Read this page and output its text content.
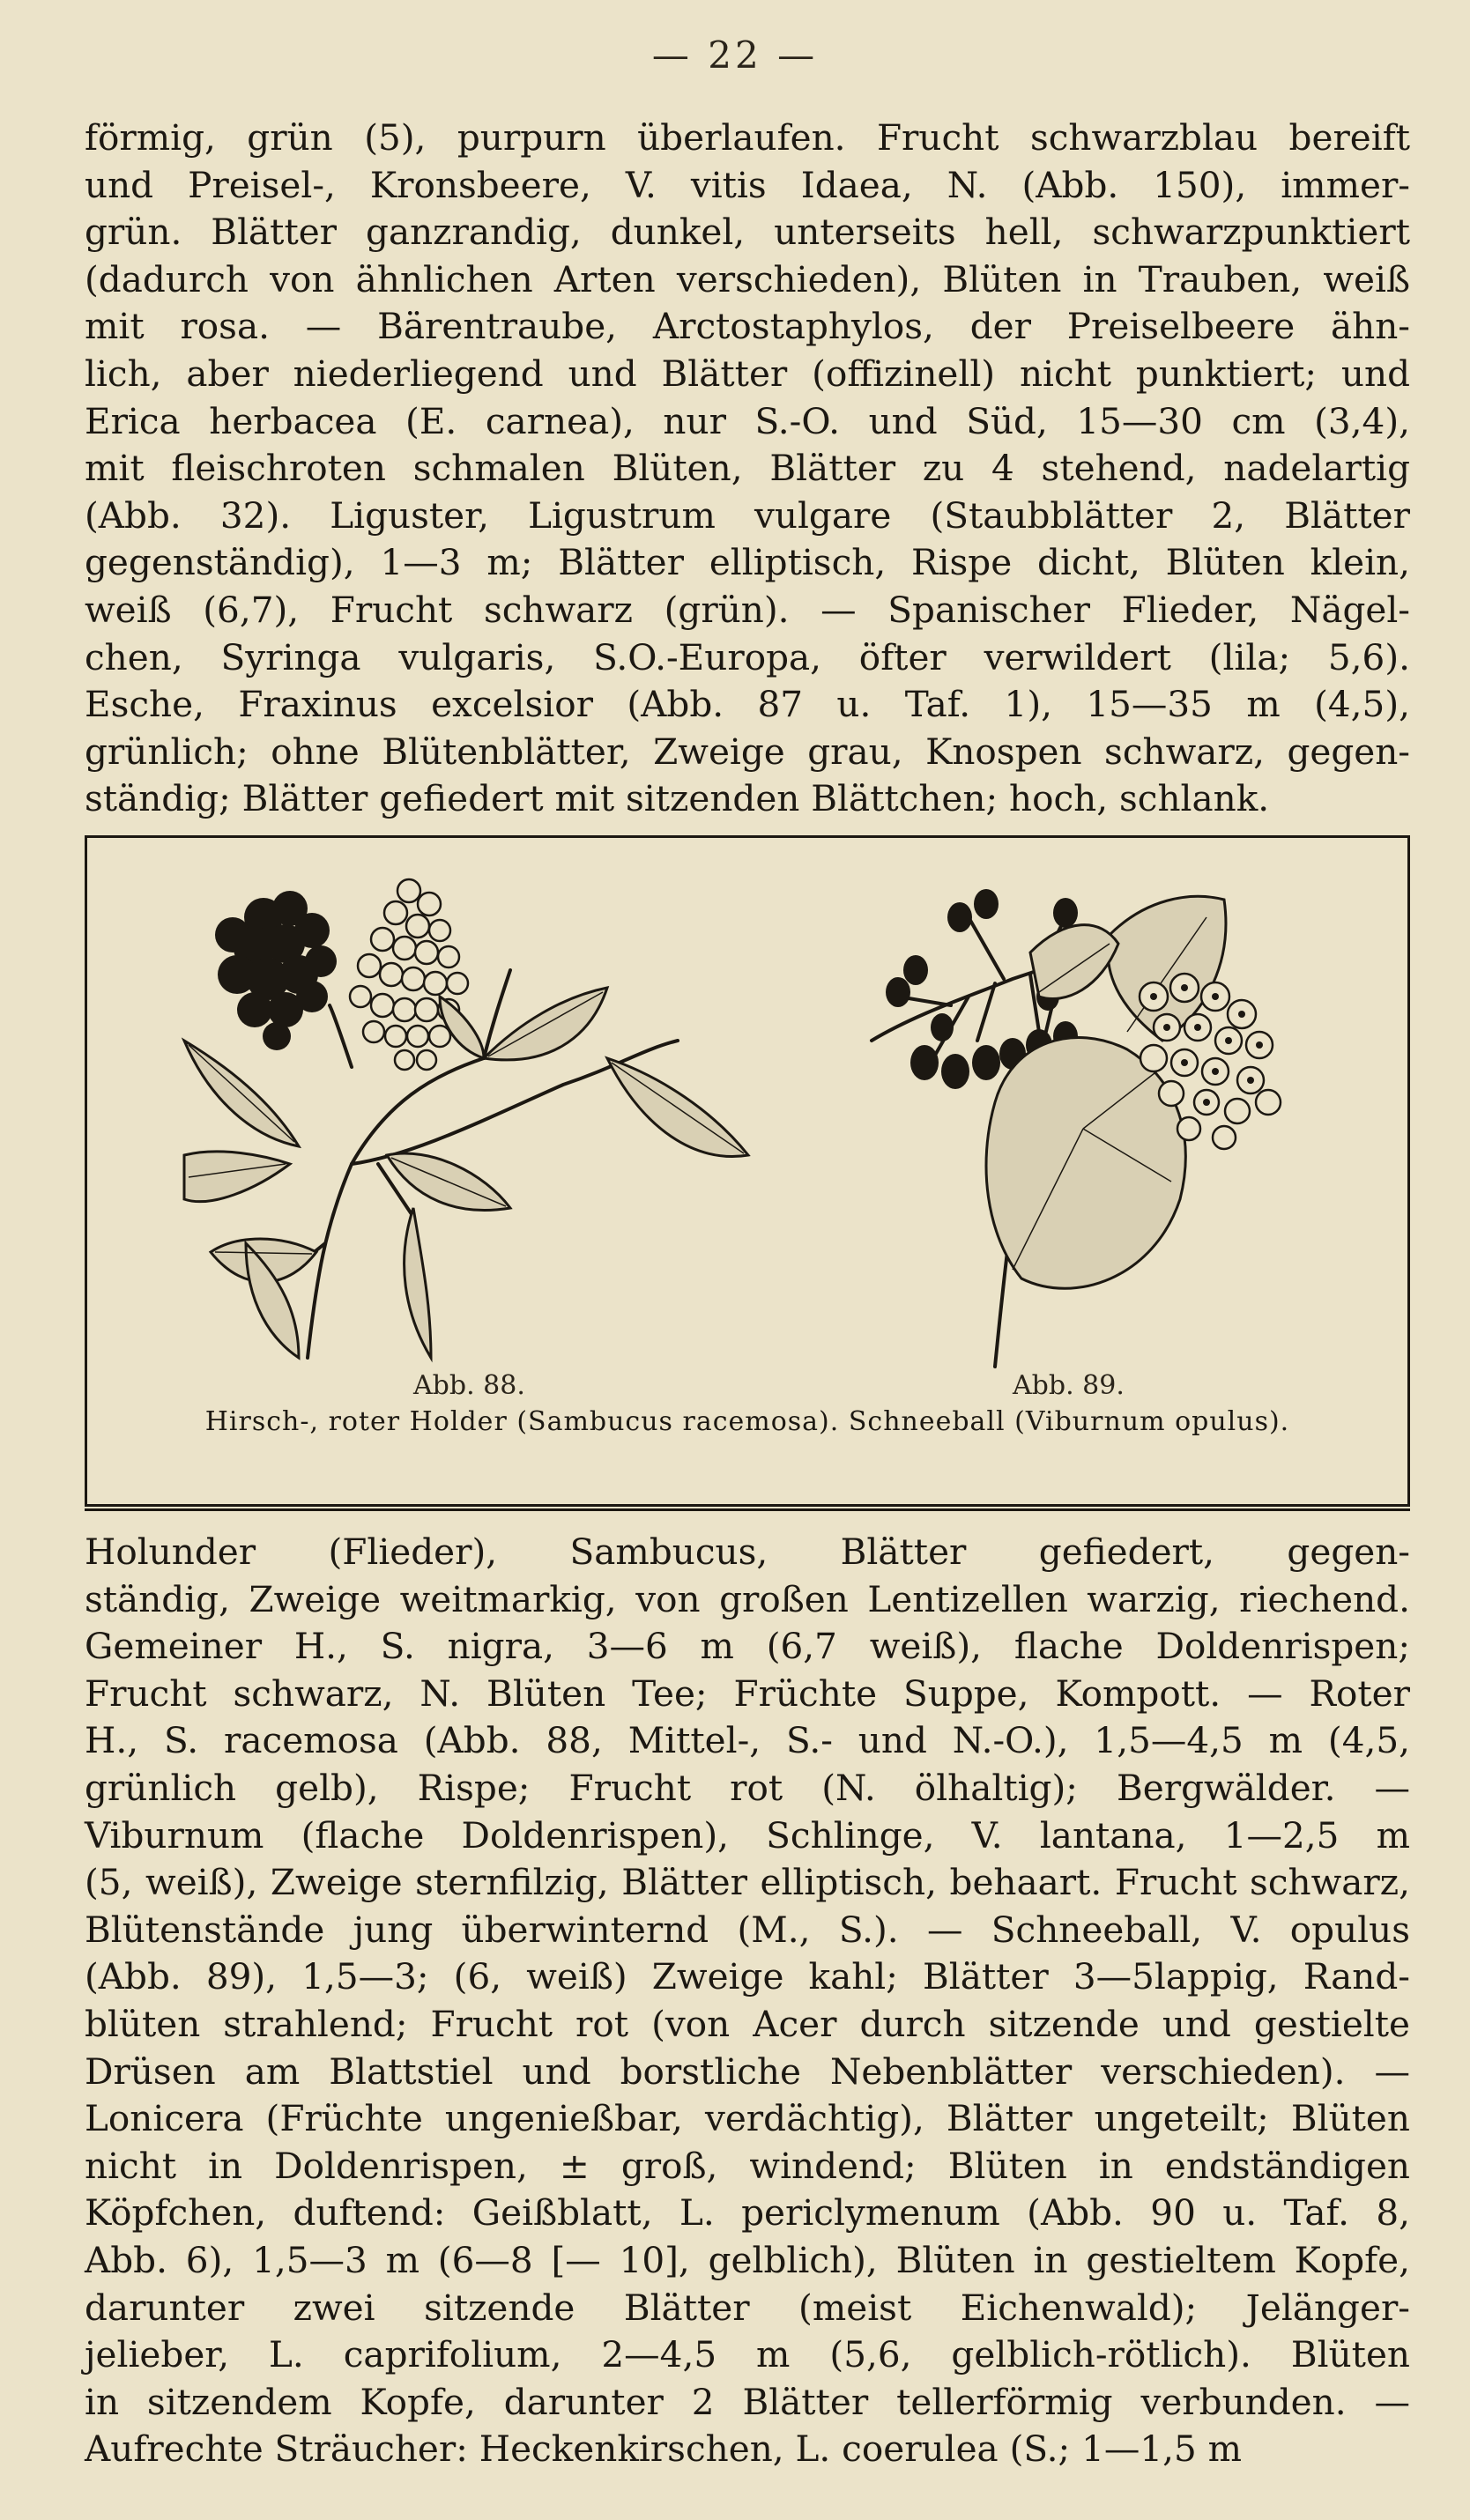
— 22 —
förmig, grün (5), purpurn überlaufen. Frucht schwarzblau bereift
und Preisel-, Kronsbeere, V. vitis Idaea, N. (Abb. 150), immer-
grün. Blätter ganzrandig, dunkel, unterseits hell, schwarzpunktiert
(dadurch von ähnlichen Arten verschieden), Blüten in Trauben, weiß
mit rosa. — Bärentraube, Arctostaphylos, der Preiselbeere ähn-
lich, aber niederliegend und Blätter (offizinell) nicht punktiert; und
Erica herbacea (E. carnea), nur S.-O. und Süd, 15—30 cm (3,4),
mit fleischroten schmalen Blüten, Blätter zu 4 stehend, nadelartig
(Abb. 32). Liguster, Ligustrum vulgare (Staubblätter 2, Blätter
gegenständig), 1—3 m; Blätter elliptisch, Rispe dicht, Blüten klein,
weiß (6,7), Frucht schwarz (grün). — Spanischer Flieder, Nägel-
chen, Syringa vulgaris, S.O.-Europa, öfter verwildert (lila; 5,6).
Esche, Fraxinus excelsior (Abb. 87 u. Taf. 1), 15—35 m (4,5),
grünlich; ohne Blütenblätter, Zweige grau, Knospen schwarz, gegen-
ständig; Blätter gefiedert mit sitzenden Blättchen; hoch, schlank.
Abb. 88.	Abb. 89.
Hirsch-, roter Holder (Sambucus racemosa). Schneeball (Viburnum opulus).
Holunder (Flieder), Sambucus, Blätter gefiedert, gegen-
ständig, Zweige weitmarkig, von großen Lentizellen warzig, riechend.
Gemeiner H., S. nigra, 3—6 m (6,7 weiß), flache Doldenrispen;
Frucht schwarz, N. Blüten Tee; Früchte Suppe, Kompott. — Roter
H., S. racemosa (Abb. 88, Mittel-, S.- und N.-O.), 1,5—4,5 m (4,5,
grünlich gelb), Rispe; Frucht rot (N. ölhaltig); Bergwälder. —
Viburnum (flache Doldenrispen), Schlinge, V. lantana, 1—2,5 m
(5, weiß), Zweige sternfilzig, Blätter elliptisch, behaart. Frucht schwarz,
Blütenstände jung überwinternd (M., S.). — Schneeball, V. opulus
(Abb. 89), 1,5—3; (6, weiß) Zweige kahl; Blätter 3—5lappig, Rand-
blüten strahlend; Frucht rot (von Acer durch sitzende und gestielte
Drüsen am Blattstiel und borstliche Nebenblätter verschieden). —
Lonicera (Früchte ungenießbar, verdächtig), Blätter ungeteilt; Blüten
nicht in Doldenrispen, ± groß, windend; Blüten in endständigen
Köpfchen, duftend: Geißblatt, L. periclymenum (Abb. 90 u. Taf. 8,
Abb. 6), 1,5—3 m (6—8 [— 10], gelblich), Blüten in gestieltem Kopfe,
darunter zwei sitzende Blätter (meist Eichenwald); Jelänger-
jelieber, L. caprifolium, 2—4,5 m (5,6, gelblich-rötlich). Blüten
in sitzendem Kopfe, darunter 2 Blätter tellerförmig verbunden. —
Aufrechte Sträucher: Heckenkirschen, L. coerulea (S.; 1—1,5 m
